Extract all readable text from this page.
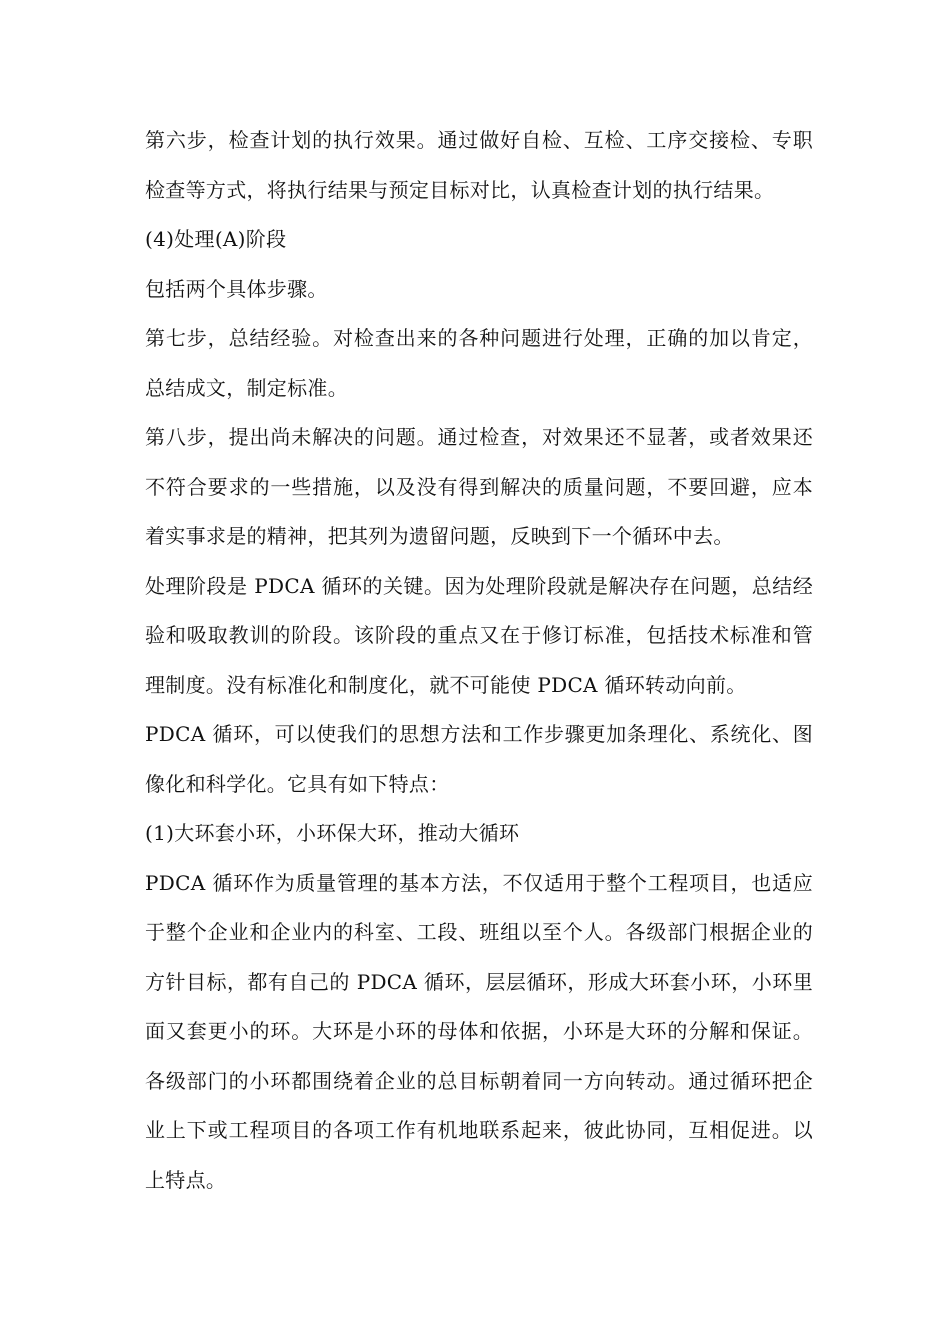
第六步，检查计划的执行效果。通过做好自检、互检、工序交接检、专职检查等方式，将执行结果与预定目标对比，认真检查计划的执行结果。

(4)处理(A)阶段

包括两个具体步骤。

第七步，总结经验。对检查出来的各种问题进行处理，正确的加以肯定，总结成文，制定标准。

第八步，提出尚未解决的问题。通过检查，对效果还不显著，或者效果还不符合要求的一些措施，以及没有得到解决的质量问题，不要回避，应本着实事求是的精神，把其列为遗留问题，反映到下一个循环中去。

处理阶段是 PDCA 循环的关键。因为处理阶段就是解决存在问题，总结经验和吸取教训的阶段。该阶段的重点又在于修订标准，包括技术标准和管理制度。没有标准化和制度化，就不可能使 PDCA 循环转动向前。

PDCA 循环，可以使我们的思想方法和工作步骤更加条理化、系统化、图像化和科学化。它具有如下特点：

(1)大环套小环，小环保大环，推动大循环

PDCA 循环作为质量管理的基本方法，不仅适用于整个工程项目，也适应于整个企业和企业内的科室、工段、班组以至个人。各级部门根据企业的方针目标，都有自己的 PDCA 循环，层层循环，形成大环套小环，小环里面又套更小的环。大环是小环的母体和依据，小环是大环的分解和保证。各级部门的小环都围绕着企业的总目标朝着同一方向转动。通过循环把企业上下或工程项目的各项工作有机地联系起来，彼此协同，互相促进。以上特点。
